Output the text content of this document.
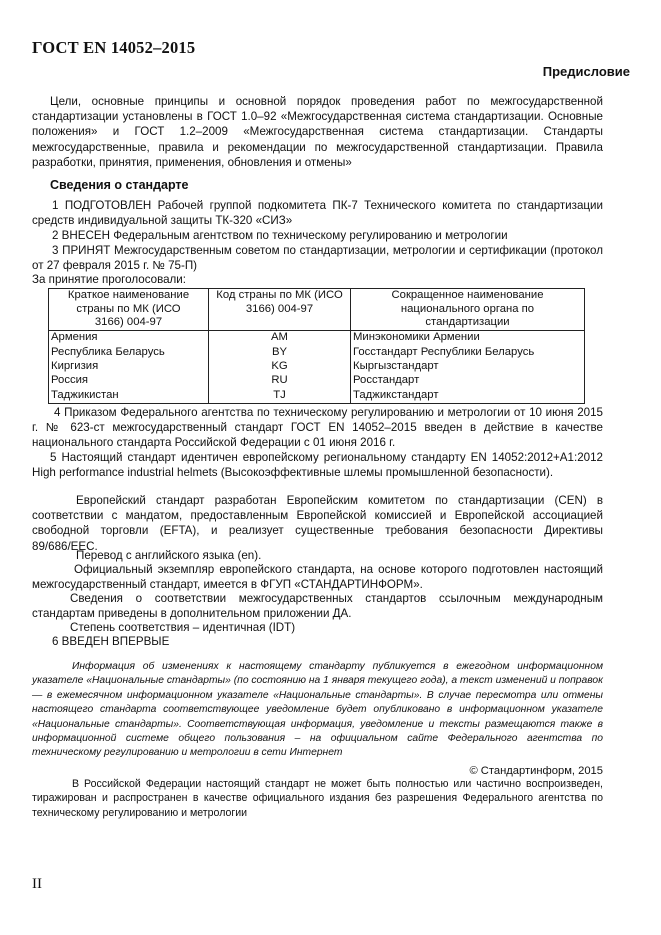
ГОСТ EN 14052–2015
Предисловие
Цели, основные принципы и основной порядок проведения работ по межгосударственной стандартизации установлены в ГОСТ 1.0–92 «Межгосударственная система стандартизации. Основные положения» и ГОСТ 1.2–2009 «Межгосударственная система стандартизации. Стандарты межгосударственные, правила и рекомендации по межгосударственной стандартизации. Правила разработки, принятия, применения, обновления и отмены»
Сведения о стандарте
1 ПОДГОТОВЛЕН Рабочей группой подкомитета ПК-7 Технического комитета по стандартизации средств индивидуальной защиты ТК-320 «СИЗ»
2 ВНЕСЕН Федеральным агентством по техническому регулированию и метрологии
3 ПРИНЯТ Межгосударственным советом по стандартизации, метрологии и сертификации (протокол от 27 февраля 2015 г. № 75-П)
За принятие проголосовали:
Краткое наименование страны по МК (ИСО 3166) 004-97	Код страны по МК (ИСО 3166) 004-97	Сокращенное наименование национального органа по стандартизации
Армения	AM	Минэкономики Армении
Республика Беларусь	BY	Госстандарт Республики Беларусь
Киргизия	KG	Кыргызстандарт
Россия	RU	Росстандарт
Таджикистан	TJ	Таджикстандарт
4 Приказом Федерального агентства по техническому регулированию и метрологии от 10 июня 2015 г. № 623-ст межгосударственный стандарт ГОСТ EN 14052–2015 введен в действие в качестве национального стандарта Российской Федерации с 01 июня 2016 г.
5 Настоящий стандарт идентичен европейскому региональному стандарту EN 14052:2012+A1:2012 High performance industrial helmets (Высокоэффективные шлемы промышленной безопасности).
Европейский стандарт разработан Европейским комитетом по стандартизации (CEN) в соответствии с мандатом, предоставленным Европейской комиссией и Европейской ассоциацией свободной торговли (EFTA), и реализует существенные требования безопасности Директивы 89/686/EEC.
Перевод с английского языка (en).
Официальный экземпляр европейского стандарта, на основе которого подготовлен настоящий межгосударственный стандарт, имеется в ФГУП «СТАНДАРТИНФОРМ».
Сведения о соответствии межгосударственных стандартов ссылочным международным стандартам приведены в дополнительном приложении ДА.
Степень соответствия – идентичная (IDT)
6 ВВЕДЕН ВПЕРВЫЕ
Информация об изменениях к настоящему стандарту публикуется в ежегодном информационном указателе «Национальные стандарты» (по состоянию на 1 января текущего года), а текст изменений и поправок — в ежемесячном информационном указателе «Национальные стандарты». В случае пересмотра или отмены настоящего стандарта соответствующее уведомление будет опубликовано в информационном указателе «Национальные стандарты». Соответствующая информация, уведомление и тексты размещаются также в информационной системе общего пользования – на официальном сайте Федерального агентства по техническому регулированию и метрологии в сети Интернет
© Стандартинформ, 2015
В Российской Федерации настоящий стандарт не может быть полностью или частично воспроизведен, тиражирован и распространен в качестве официального издания без разрешения Федерального агентства по техническому регулированию и метрологии
II
